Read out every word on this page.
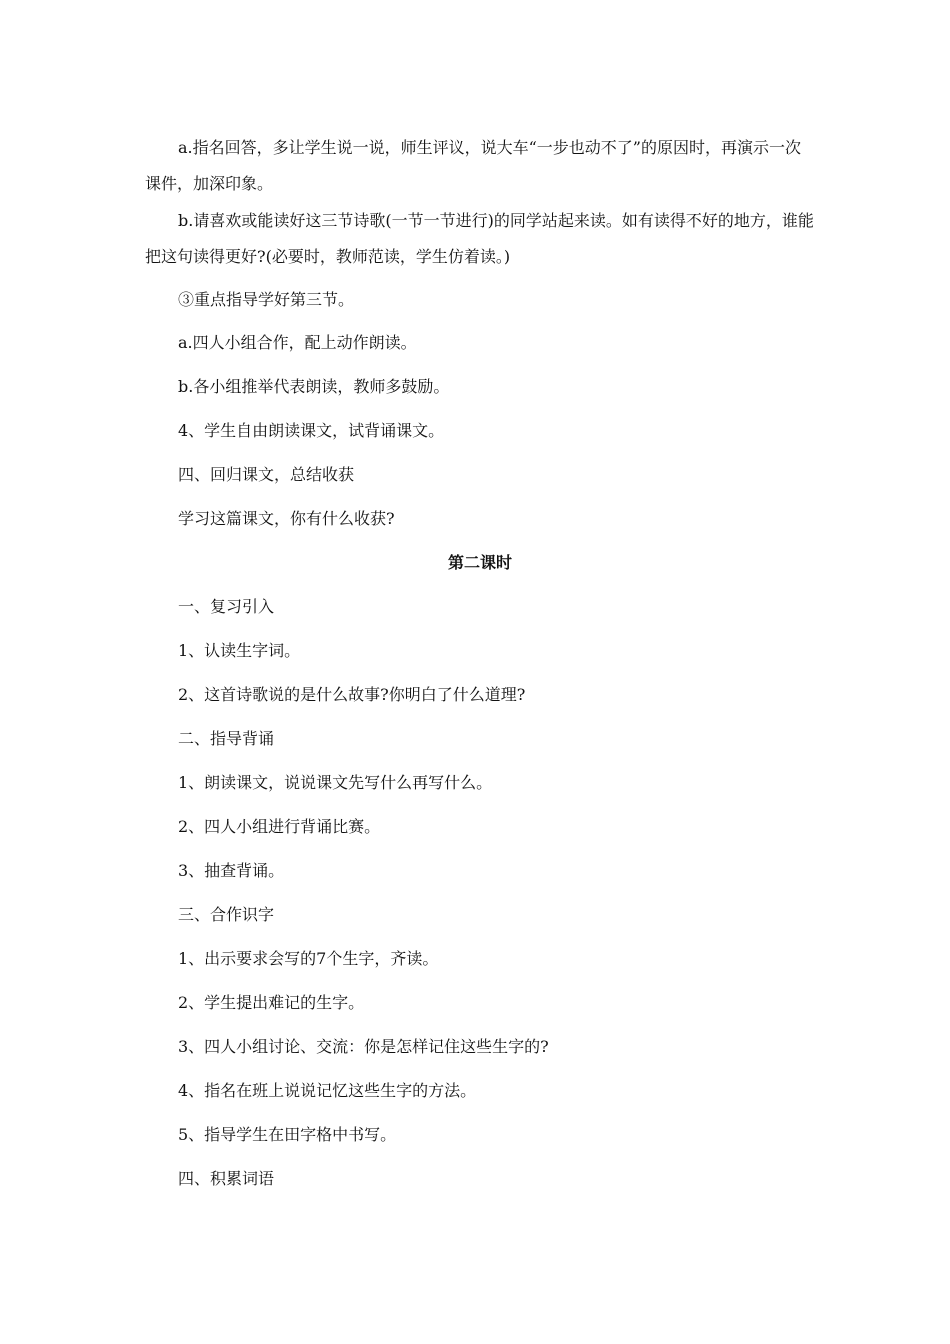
a.指名回答，多让学生说一说，师生评议，说大车“一步也动不了”的原因时，再演示一次课件，加深印象。

b.请喜欢或能读好这三节诗歌(一节一节进行)的同学站起来读。如有读得不好的地方，谁能把这句读得更好?(必要时，教师范读，学生仿着读。)

③重点指导学好第三节。

a.四人小组合作，配上动作朗读。

b.各小组推举代表朗读，教师多鼓励。

4、学生自由朗读课文，试背诵课文。

四、回归课文，总结收获

学习这篇课文，你有什么收获?

第二课时

一、复习引入

1、认读生字词。

2、这首诗歌说的是什么故事?你明白了什么道理?

二、指导背诵

1、朗读课文，说说课文先写什么再写什么。

2、四人小组进行背诵比赛。

3、抽查背诵。

三、合作识字

1、出示要求会写的7个生字，齐读。

2、学生提出难记的生字。

3、四人小组讨论、交流：你是怎样记住这些生字的?

4、指名在班上说说记忆这些生字的方法。

5、指导学生在田字格中书写。

四、积累词语
